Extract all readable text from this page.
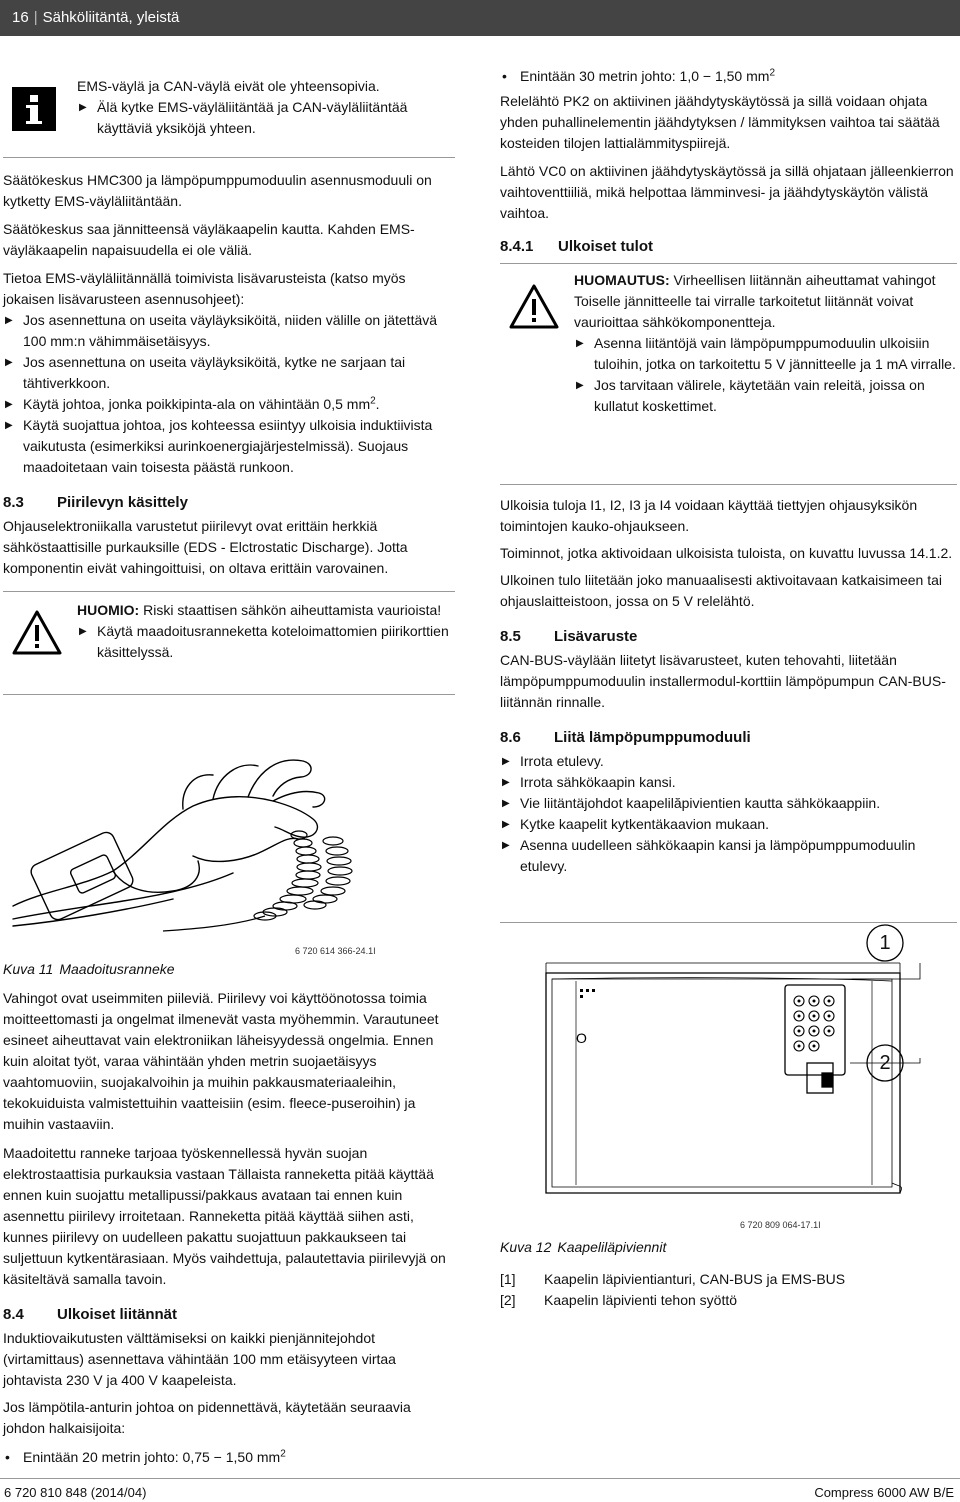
16 | Sähköliitäntä, yleistä

EMS-väylä ja CAN-väylä eivät ole yhteensopivia.

▶ Älä kytke EMS-väyläliitäntää ja CAN-väyläliitäntää käyttäviä yksiköjä yhteen.

Säätökeskus HMC300 ja lämpöpumppumoduulin asennusmoduuli on kytketty EMS-väyläliitäntään.

Säätökeskus saa jännitteensä väyläkaapelin kautta. Kahden EMS-väyläkaapelin napaisuudella ei ole väliä.

Tietoa EMS-väyläliitännällä toimivista lisävarusteista (katso myös jokaisen lisävarusteen asennusohjeet):

▶ Jos asennettuna on useita väyläyksiköitä, niiden välille on jätettävä 100 mm:n vähimmäisetäisyys.

▶ Jos asennettuna on useita väyläyksiköitä, kytke ne sarjaan tai tähtiverkkoon.

▶ Käytä johtoa, jonka poikkipinta-ala on vähintään 0,5 $mm^2$.

▶ Käytä suojattua johtoa, jos kohteessa esiintyy ulkoisia induktiivista vaikutusta (esimerkiksi aurinkoenergiajärjestelmissä). Suojaus maadoitetaan vain toisesta päästä runkoon.

8.3 Piirilevyn käsittely

Ohjauselektroniikalla varustetut piirilevyt ovat erittäin herkkiä sähköstaattisille purkauksille (EDS - Elctrostatic Discharge). Jotta komponentin eivät vahingoittuisi, on oltava erittäin varovainen.

HUOMIO: Riski staattisen sähkön aiheuttamista vaurioista!

▶ Käytä maadoitusranneketta koteloimattomien piirikorttien käsittelyssä.

6 720 614 366-24.1I

Kuva 11 Maadoitusranneke

Vahingot ovat useimmiten piileviä. Piirilevy voi käyttöönotossa toimia moitteettomasti ja ongelmat ilmenevät vasta myöhemmin. Varautuneet esineet aiheuttavat vain elektroniikan läheisyydessä ongelmia. Ennen kuin aloitat työt, varaa vähintään yhden metrin suojaetäisyys vaahtomuoviin, suojakalvoihin ja muihin pakkausmateriaaleihin, tekokuiduista valmistettuihin vaatteisiin (esim. fleece-puseroihin) ja muihin vastaaviin.

Maadoitettu ranneke tarjoaa työskennellessä hyvän suojan elektrostaattisia purkauksia vastaan Tällaista ranneketta pitää käyttää ennen kuin suojattu metallipussi/pakkaus avataan tai ennen kuin asennettu piirilevy irroitetaan. Ranneketta pitää käyttää siihen asti, kunnes piirilevy on uudelleen pakattu suojattuun pakkaukseen tai suljettuun kytkentärasiaan. Myös vaihdettuja, palautettavia piirilevyjä on käsiteltävä samalla tavoin.

8.4 Ulkoiset liitännät

Induktiovaikutusten välttämiseksi on kaikki pienjännitejohdot (virtamittaus) asennettava vähintään 100 mm etäisyyteen virtaa johtavista 230 V ja 400 V kaapeleista.

Jos lämpötila-anturin johtoa on pidennettävä, käytetään seuraavia johdon halkaisijoita:

• Enintään 20 metrin johto: 0,75 − 1,50 $mm^2$

• Enintään 30 metrin johto: 1,0 − 1,50 $mm^2$

Relelähtö PK2 on aktiivinen jäähdytyskäytössä ja sillä voidaan ohjata yhden puhallinelementin jäähdytyksen / lämmityksen vaihtoa tai säätää kosteiden tilojen lattialämmityspiirejä.

Lähtö VC0 on aktiivinen jäähdytyskäytössä ja sillä ohjataan jälleenkierron vaihtoventtiiliä, mikä helpottaa lämminvesi- ja jäähdytyskäytön välistä vaihtoa.

8.4.1 Ulkoiset tulot

HUOMAUTUS: Virheellisen liitännän aiheuttamat vahingot

Toiselle jännitteelle tai virralle tarkoitetut liitännät voivat vaurioittaa sähkökomponentteja.

▶ Asenna liitäntöjä vain lämpöpumppumoduulin ulkoisiin tuloihin, jotka on tarkoitettu 5 V jännitteelle ja 1 mA virralle.

▶ Jos tarvitaan välirele, käytetään vain releitä, joissa on kullatut koskettimet.

Ulkoisia tuloja I1, I2, I3 ja I4 voidaan käyttää tiettyjen ohjausyksikön toimintojen kauko-ohjaukseen.

Toiminnot, jotka aktivoidaan ulkoisista tuloista, on kuvattu luvussa 14.1.2.

Ulkoinen tulo liitetään joko manuaalisesti aktivoitavaan katkaisimeen tai ohjauslaitteistoon, jossa on 5 V relelähtö.

8.5 Lisävaruste

CAN-BUS-väylään liitetyt lisävarusteet, kuten tehovahti, liitetään lämpöpumppumoduulin installermodul-korttiin lämpöpumpun CAN-BUS-liitännän rinnalle.

8.6 Liitä lämpöpumppumoduuli

▶ Irrota etulevy.

▶ Irrota sähkökaapin kansi.

▶ Vie liitäntäjohdot kaapelilăpivientien kautta sähkökaappiin.

▶ Kytke kaapelit kytkentäkaavion mukaan.

▶ Asenna uudelleen sähkökaapin kansi ja lämpöpumppumoduulin etulevy.

O
1
2
6 720 809 064-17.1I

Kuva 12 Kaapeliläpiviennit

[1]	Kaapelin läpivientianturi, CAN-BUS ja EMS-BUS
[2]	Kaapelin läpivienti tehon syöttö
6 720 810 848 (2014/04)	Compress 6000 AW B/E
